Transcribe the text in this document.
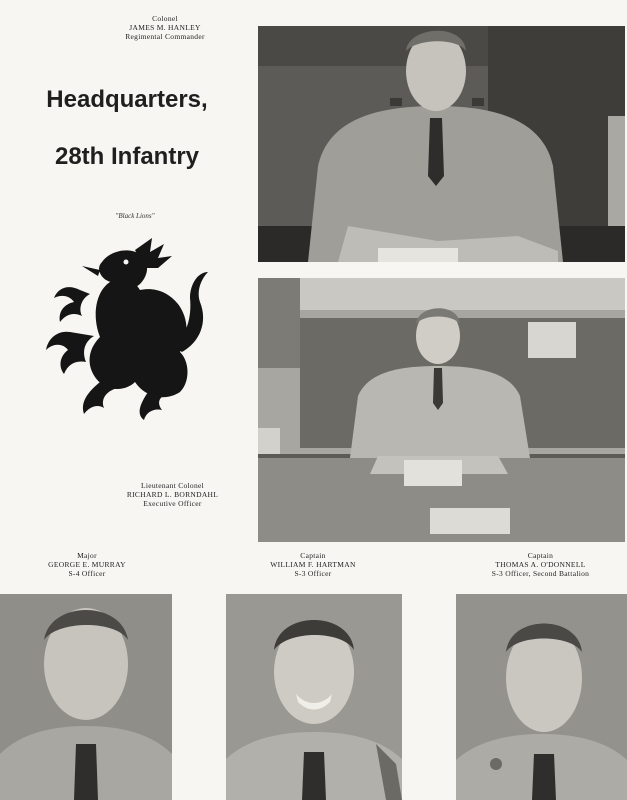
Colonel
JAMES M. HANLEY
Regimental Commander
Headquarters,
28th Infantry
"Black Lions"
Lieutenant Colonel
RICHARD L. BORNDAHL
Executive Officer
Major
GEORGE E. MURRAY
S-4 Officer
Captain
WILLIAM F. HARTMAN
S-3 Officer
Captain
THOMAS A. O'DONNELL
S-3 Officer, Second Battalion
